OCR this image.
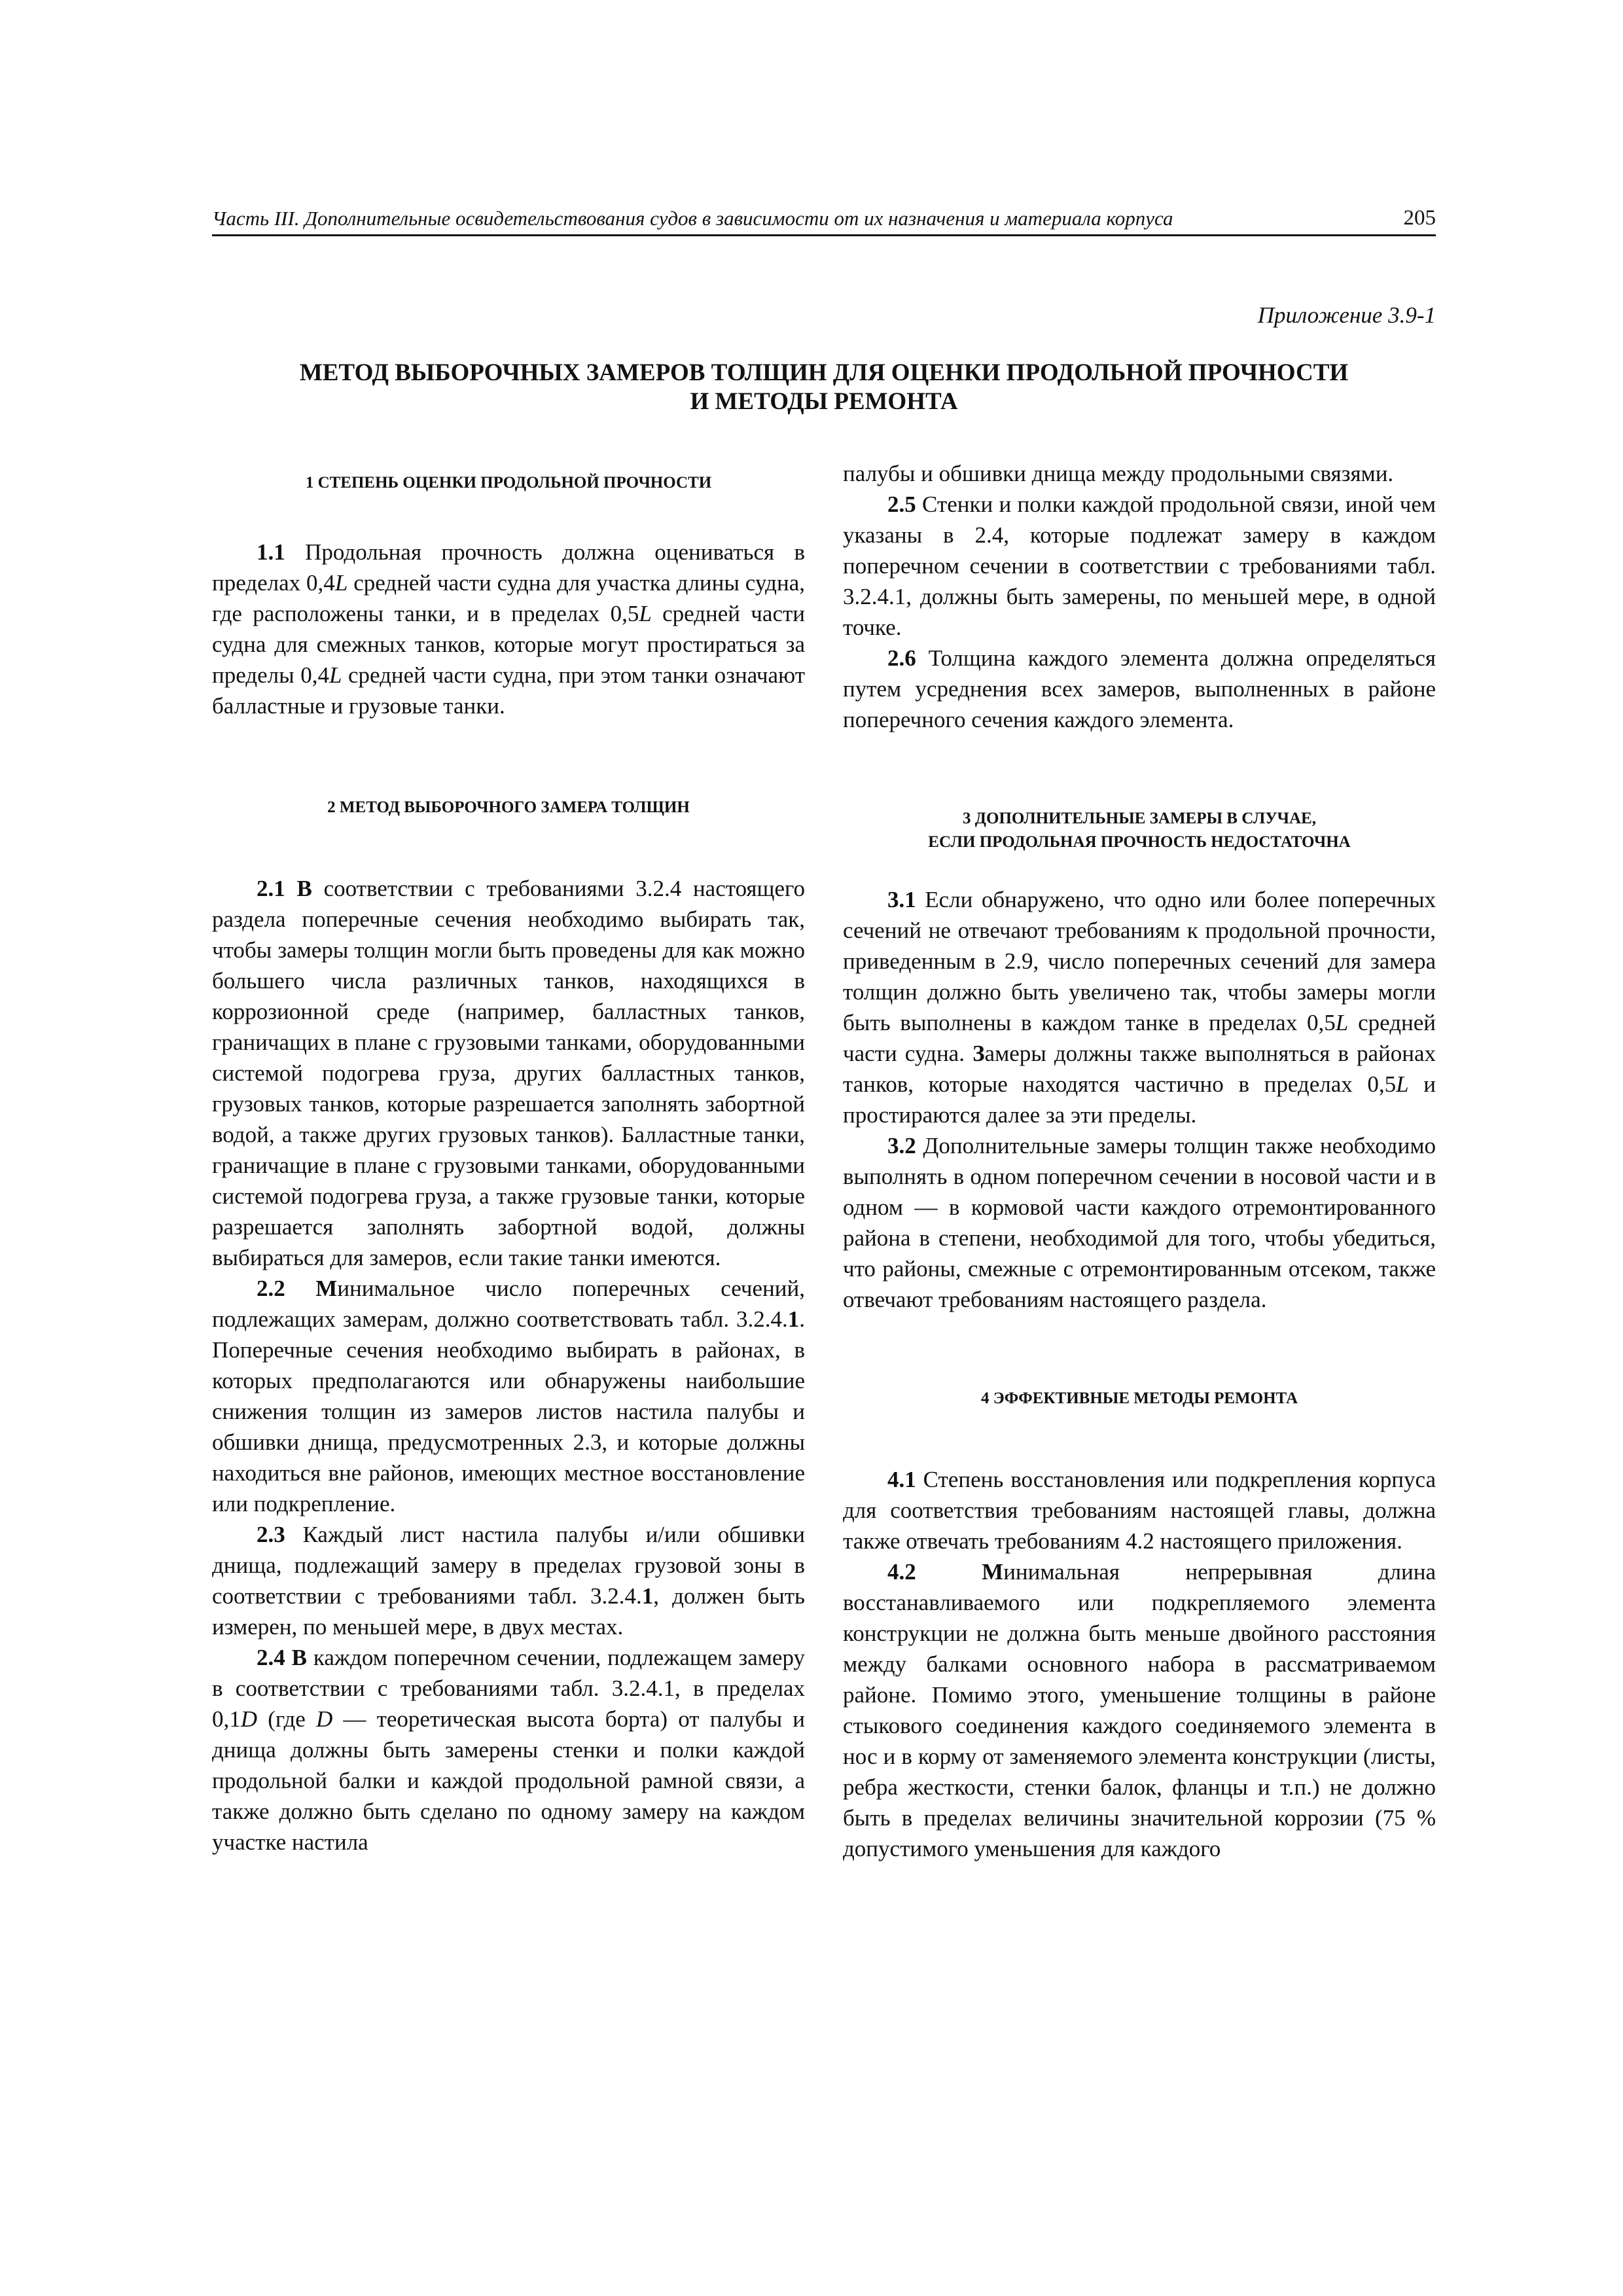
Часть III. Дополнительные освидетельствования судов в зависимости от их назначения и материала корпуса	205
Приложение 3.9-1
МЕТОД ВЫБОРОЧНЫХ ЗАМЕРОВ ТОЛЩИН ДЛЯ ОЦЕНКИ ПРОДОЛЬНОЙ ПРОЧНОСТИ
И МЕТОДЫ РЕМОНТА
1 СТЕПЕНЬ ОЦЕНКИ ПРОДОЛЬНОЙ ПРОЧНОСТИ

1.1 Продольная прочность должна оцениваться в пределах 0,4L средней части судна для участка длины судна, где расположены танки, и в пределах 0,5L средней части судна для смежных танков, которые могут простираться за пределы 0,4L средней части судна, при этом танки означают балластные и грузовые танки.

2 МЕТОД ВЫБОРОЧНОГО ЗАМЕРА ТОЛЩИН

2.1 В соответствии с требованиями 3.2.4 настоящего раздела поперечные сечения необходимо выбирать так, чтобы замеры толщин могли быть проведены для как можно большего числа различных танков, находящихся в коррозионной среде (например, балластных танков, граничащих в плане с грузовыми танками, оборудованными системой подогрева груза, других балластных танков, грузовых танков, которые разрешается заполнять забортной водой, а также других грузовых танков). Балластные танки, граничащие в плане с грузовыми танками, оборудованными системой подогрева груза, а также грузовые танки, которые разрешается заполнять забортной водой, должны выбираться для замеров, если такие танки имеются.

2.2 Минимальное число поперечных сечений, подлежащих замерам, должно соответствовать табл. 3.2.4.1. Поперечные сечения необходимо выбирать в районах, в которых предполагаются или обнаружены наибольшие снижения толщин из замеров листов настила палубы и обшивки днища, предусмотренных 2.3, и которые должны находиться вне районов, имеющих местное восстановление или подкрепление.

2.3 Каждый лист настила палубы и/или обшивки днища, подлежащий замеру в пределах грузовой зоны в соответствии с требованиями табл. 3.2.4.1, должен быть измерен, по меньшей мере, в двух местах.

2.4 В каждом поперечном сечении, подлежащем замеру в соответствии с требованиями табл. 3.2.4.1, в пределах 0,1D (где D — теоретическая высота борта) от палубы и днища должны быть замерены стенки и полки каждой продольной балки и каждой продольной рамной связи, а также должно быть сделано по одному замеру на каждом участке настила

палубы и обшивки днища между продольными связями.

2.5 Стенки и полки каждой продольной связи, иной чем указаны в 2.4, которые подлежат замеру в каждом поперечном сечении в соответствии с требованиями табл. 3.2.4.1, должны быть замерены, по меньшей мере, в одной точке.

2.6 Толщина каждого элемента должна определяться путем усреднения всех замеров, выполненных в районе поперечного сечения каждого элемента.

3 ДОПОЛНИТЕЛЬНЫЕ ЗАМЕРЫ В СЛУЧАЕ,
ЕСЛИ ПРОДОЛЬНАЯ ПРОЧНОСТЬ НЕДОСТАТОЧНА

3.1 Если обнаружено, что одно или более поперечных сечений не отвечают требованиям к продольной прочности, приведенным в 2.9, число поперечных сечений для замера толщин должно быть увеличено так, чтобы замеры могли быть выполнены в каждом танке в пределах 0,5L средней части судна. Замеры должны также выполняться в районах танков, которые находятся частично в пределах 0,5L и простираются далее за эти пределы.

3.2 Дополнительные замеры толщин также необходимо выполнять в одном поперечном сечении в носовой части и в одном — в кормовой части каждого отремонтированного района в степени, необходимой для того, чтобы убедиться, что районы, смежные с отремонтированным отсеком, также отвечают требованиям настоящего раздела.

4 ЭФФЕКТИВНЫЕ МЕТОДЫ РЕМОНТА

4.1 Степень восстановления или подкрепления корпуса для соответствия требованиям настоящей главы, должна также отвечать требованиям 4.2 настоящего приложения.

4.2 Минимальная непрерывная длина восстанавливаемого или подкрепляемого элемента конструкции не должна быть меньше двойного расстояния между балками основного набора в рассматриваемом районе. Помимо этого, уменьшение толщины в районе стыкового соединения каждого соединяемого элемента в нос и в корму от заменяемого элемента конструкции (листы, ребра жесткости, стенки балок, фланцы и т.п.) не должно быть в пределах величины значительной коррозии (75 % допустимого уменьшения для каждого
